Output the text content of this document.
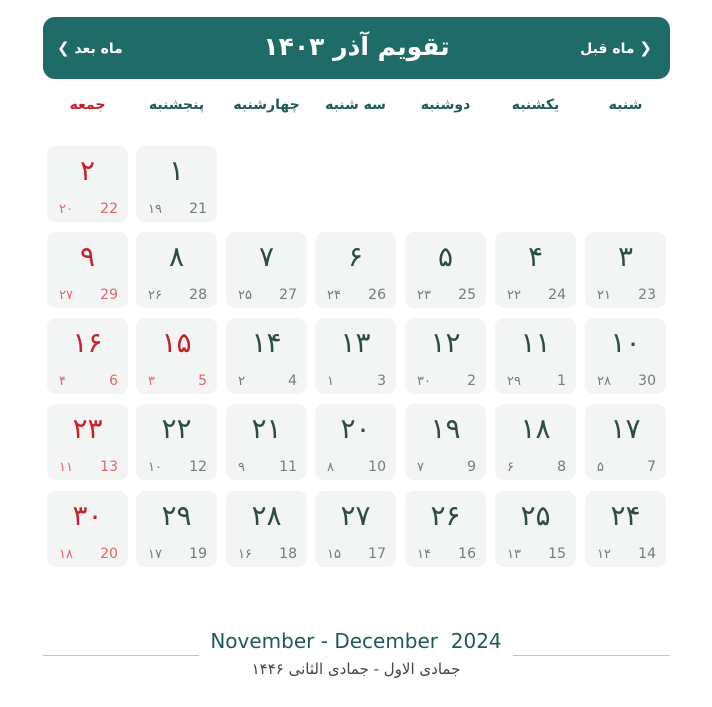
❮ ماه قبل
تقویم آذر ۱۴۰۳
ماه بعد ❯
شنبه
یکشنبه
دوشنبه
سه شنبه
چهارشنبه
پنجشنبه
جمعه
۱
21
۱۹
۲
22
۲۰
۳
23
۲۱
۴
24
۲۲
۵
25
۲۳
۶
26
۲۴
۷
27
۲۵
۸
28
۲۶
۹
29
۲۷
۱۰
30
۲۸
۱۱
1
۲۹
۱۲
2
۳۰
۱۳
3
۱
۱۴
4
۲
۱۵
5
۳
۱۶
6
۴
۱۷
7
۵
۱۸
8
۶
۱۹
9
۷
۲۰
10
۸
۲۱
11
۹
۲۲
12
۱۰
۲۳
13
۱۱
۲۴
14
۱۲
۲۵
15
۱۳
۲۶
16
۱۴
۲۷
17
۱۵
۲۸
18
۱۶
۲۹
19
۱۷
۳۰
20
۱۸
November - December  2024
جمادی الاول - جمادی الثانی ۱۴۴۶
